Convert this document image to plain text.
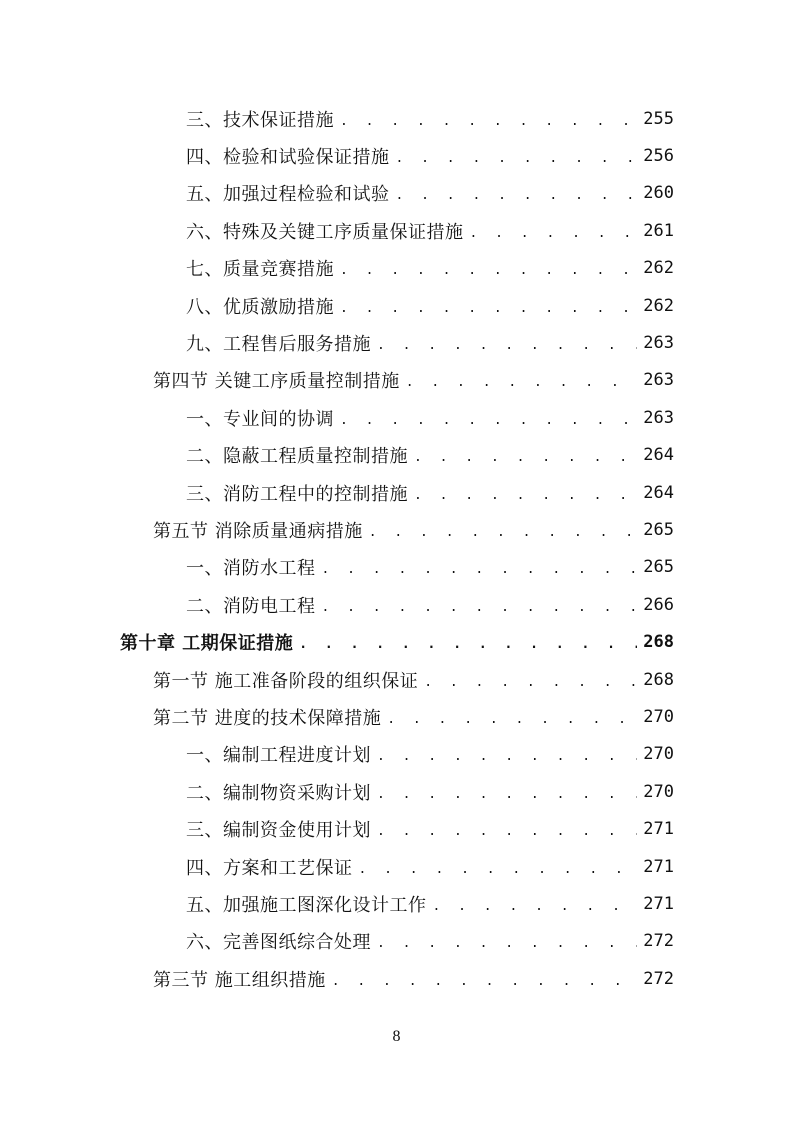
三、技术保证措施 . . .	255
四、检验和试验保证措施 . . .	256
五、加强过程检验和试验 . . .	260
六、特殊及关键工序质量保证措施 . . .	261
七、质量竞赛措施 . . .	262
八、优质激励措施 . . .	262
九、工程售后服务措施 . . .	263
第四节 关键工序质量控制措施 . . .	263
一、专业间的协调 . . .	263
二、隐蔽工程质量控制措施 . . .	264
三、消防工程中的控制措施 . . .	264
第五节 消除质量通病措施 . . .	265
一、消防水工程 . . .	265
二、消防电工程 . . .	266
第十章 工期保证措施 . . .	268
第一节 施工准备阶段的组织保证 . . .	268
第二节 进度的技术保障措施 . . .	270
一、编制工程进度计划 . . .	270
二、编制物资采购计划 . . .	270
三、编制资金使用计划 . . .	271
四、方案和工艺保证 . . .	271
五、加强施工图深化设计工作 . . .	271
六、完善图纸综合处理 . . .	272
第三节 施工组织措施 . . .	272
8
